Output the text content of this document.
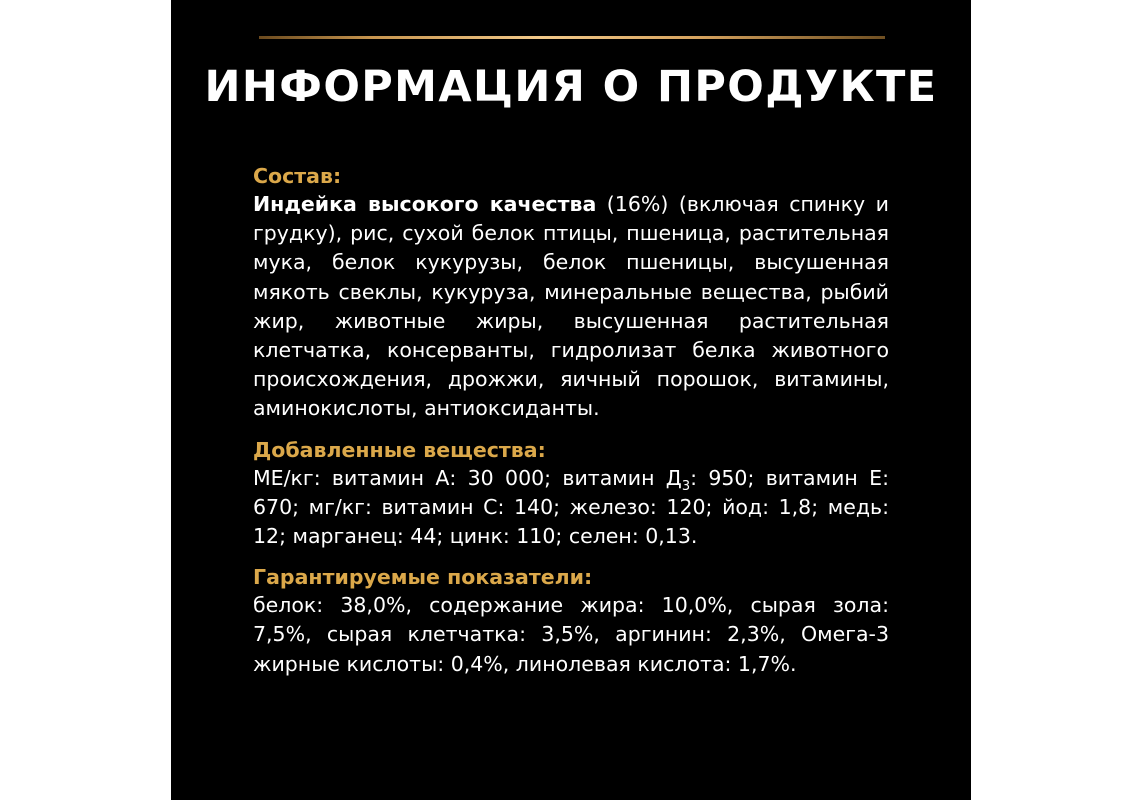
ИНФОРМАЦИЯ О ПРОДУКТЕ
Состав:

Индейка высокого качества (16%) (включая спинку и грудку), рис, сухой белок птицы, пшеница, растительная мука, белок кукурузы, белок пшеницы, высушенная мякоть свеклы, кукуруза, минеральные вещества, рыбий жир, животные жиры, высушенная растительная клетчатка, консерванты, гидролизат белка животного происхождения, дрожжи, яичный порошок, витамины, аминокислоты, антиоксиданты.

Добавленные вещества:

МЕ/кг: витамин А: 30 000; витамин $Д_3$: 950; витамин Е: 670; мг/кг: витамин С: 140; железо: 120; йод: 1,8; медь: 12; марганец: 44; цинк: 110; селен: 0,13.

Гарантируемые показатели:

белок: 38,0%, содержание жира: 10,0%, сырая зола: 7,5%, сырая клетчатка: 3,5%, аргинин: 2,3%, Омега-3 жирные кислоты: 0,4%, линолевая кислота: 1,7%.
